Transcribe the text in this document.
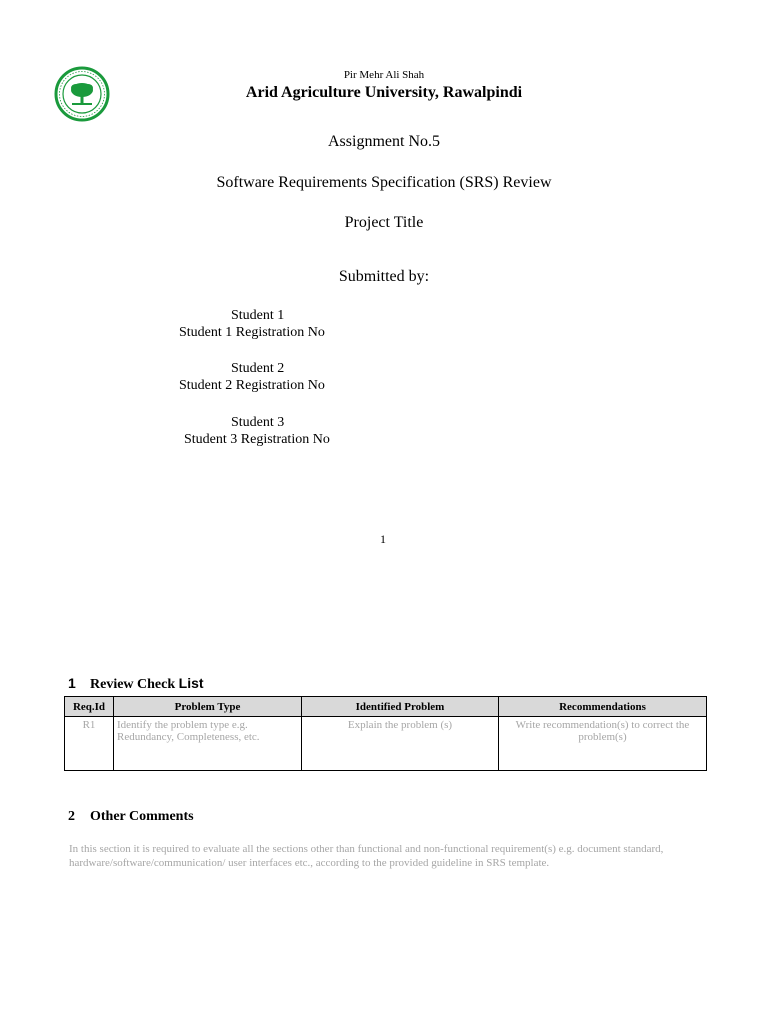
Pir Mehr Ali Shah
Arid Agriculture University, Rawalpindi
Assignment No.5
Software Requirements Specification (SRS) Review
Project Title
Submitted by:
Student 1
Student 1 Registration No
Student 2
Student 2 Registration No
Student 3
Student 3 Registration No
1
1 Review Check List
Req.Id	Problem Type	Identified Problem	Recommendations
R1	Identify the problem type e.g. Redundancy, Completeness, etc.	Explain the problem (s)	Write recommendation(s) to correct the problem(s)
2 Other Comments
In this section it is required to evaluate all the sections other than functional and non-functional requirement(s) e.g. document standard, hardware/software/communication/ user interfaces etc., according to the provided guideline in SRS template.
